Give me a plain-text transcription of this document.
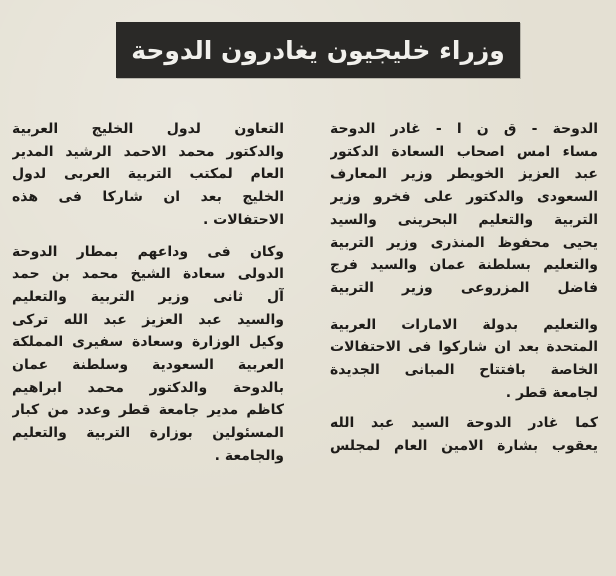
وزراء خليجيون يغادرون الدوحة
الدوحة - ق ن ا - غادر الدوحة
مساء امس اصحاب السعادة الدكتور
عبد العزيز الخويطر وزير المعارف
السعودى والدكتور على فخرو وزير
التربية والتعليم البحرينى والسيد
يحيى محفوظ المنذرى وزير التربية
والتعليم بسلطنة عمان والسيد فرج
فاضل المزروعى وزير التربية
والتعليم بدولة الامارات العربية
المتحدة بعد ان شاركوا فى الاحتفالات
الخاصة بافتتاح المبانى الجديدة
لجامعة قطر .
كما غادر الدوحة السيد عبد الله
يعقوب بشارة الامين العام لمجلس
التعاون لدول الخليج العربية
والدكتور محمد الاحمد الرشيد المدير
العام لمكتب التربية العربى لدول
الخليج بعد ان شاركا فى هذه
الاحتفالات .
وكان فى وداعهم بمطار الدوحة
الدولى سعادة الشيخ محمد بن حمد
آل ثانى وزير التربية والتعليم
والسيد عبد العزيز عبد الله تركى
وكيل الوزارة وسعادة سفيرى المملكة
العربية السعودية وسلطنة عمان
بالدوحة والدكتور محمد ابراهيم
كاظم مدير جامعة قطر وعدد من كبار
المسئولين بوزارة التربية والتعليم
والجامعة .
